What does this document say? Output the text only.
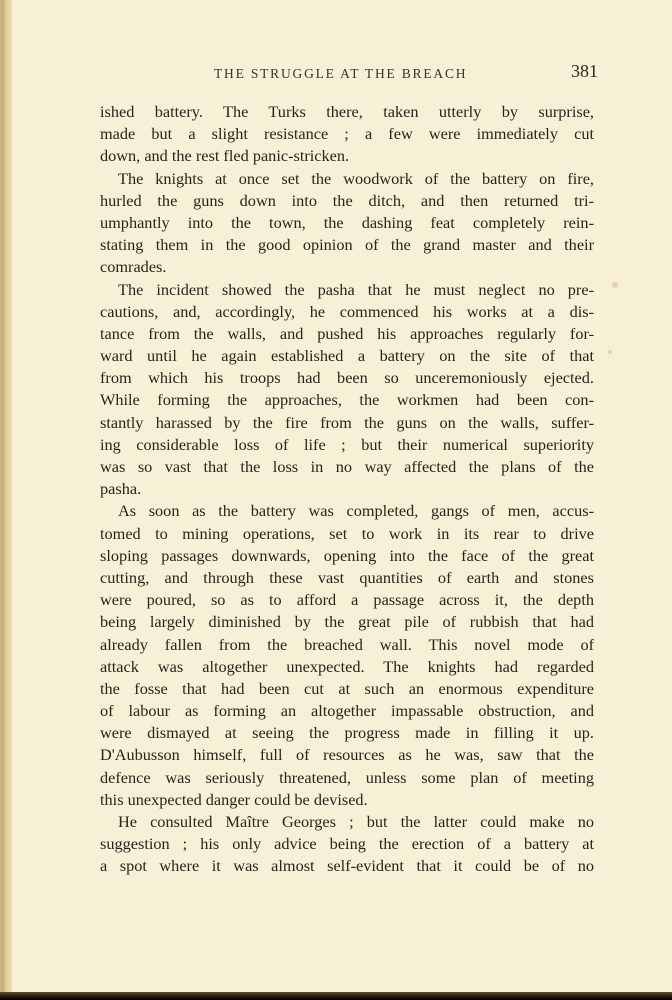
THE STRUGGLE AT THE BREACH	381
ished battery. The Turks there, taken utterly by surprise,
made but a slight resistance ; a few were immediately cut
down, and the rest fled panic-stricken.
The knights at once set the woodwork of the battery on fire,
hurled the guns down into the ditch, and then returned tri-
umphantly into the town, the dashing feat completely rein-
stating them in the good opinion of the grand master and their
comrades.
The incident showed the pasha that he must neglect no pre-
cautions, and, accordingly, he commenced his works at a dis-
tance from the walls, and pushed his approaches regularly for-
ward until he again established a battery on the site of that
from which his troops had been so unceremoniously ejected.
While forming the approaches, the workmen had been con-
stantly harassed by the fire from the guns on the walls, suffer-
ing considerable loss of life ; but their numerical superiority
was so vast that the loss in no way affected the plans of the
pasha.
As soon as the battery was completed, gangs of men, accus-
tomed to mining operations, set to work in its rear to drive
sloping passages downwards, opening into the face of the great
cutting, and through these vast quantities of earth and stones
were poured, so as to afford a passage across it, the depth
being largely diminished by the great pile of rubbish that had
already fallen from the breached wall. This novel mode of
attack was altogether unexpected. The knights had regarded
the fosse that had been cut at such an enormous expenditure
of labour as forming an altogether impassable obstruction, and
were dismayed at seeing the progress made in filling it up.
D'Aubusson himself, full of resources as he was, saw that the
defence was seriously threatened, unless some plan of meeting
this unexpected danger could be devised.
He consulted Maître Georges ; but the latter could make no
suggestion ; his only advice being the erection of a battery at
a spot where it was almost self-evident that it could be of no
